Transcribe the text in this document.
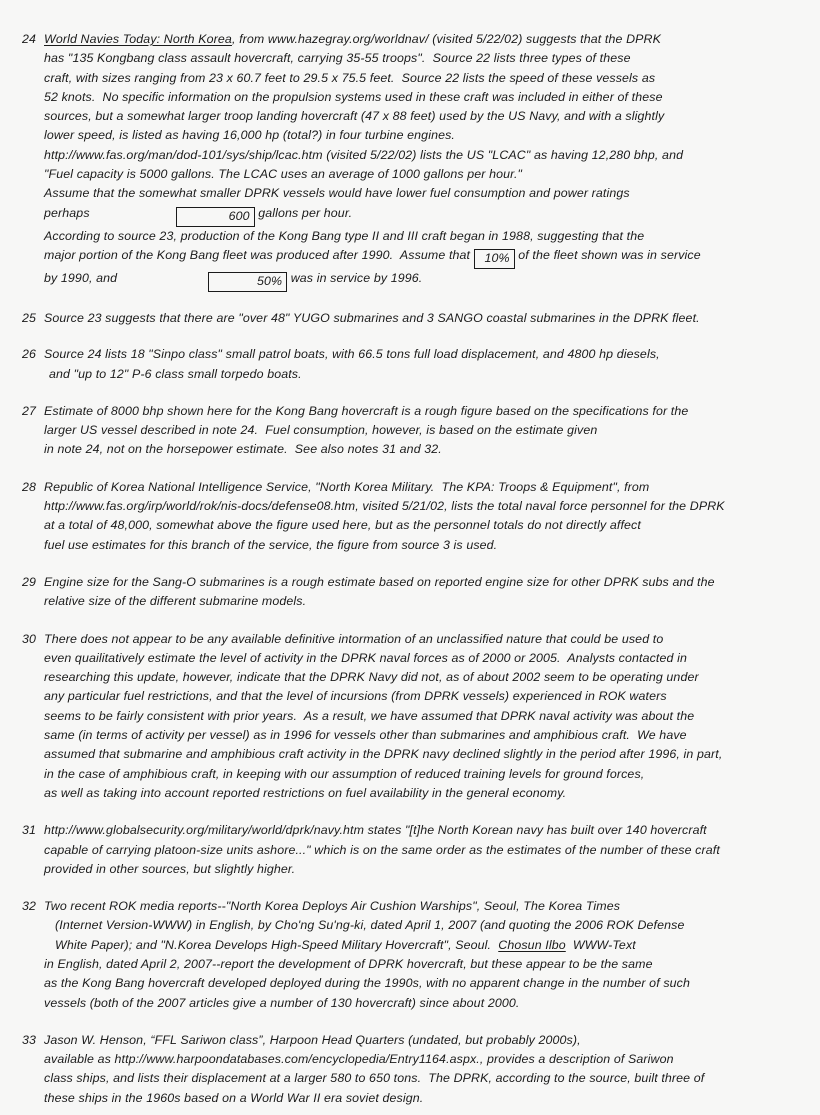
24 World Navies Today: North Korea, from www.hazegray.org/worldnav/ (visited 5/22/02) suggests that the DPRK
has "135 Kongbang class assault hovercraft, carrying 35-55 troops".  Source 22 lists three types of these
craft, with sizes ranging from 23 x 60.7 feet to 29.5 x 75.5 feet.  Source 22 lists the speed of these vessels as
52 knots.  No specific information on the propulsion systems used in these craft was included in either of these
sources, but a somewhat larger troop landing hovercraft (47 x 88 feet) used by the US Navy, and with a slightly
lower speed, is listed as having 16,000 hp (total?) in four turbine engines.
http://www.fas.org/man/dod-101/sys/ship/lcac.htm (visited 5/22/02) lists the US "LCAC" as having 12,280 bhp, and
"Fuel capacity is 5000 gallons. The LCAC uses an average of 1000 gallons per hour."
Assume that the somewhat smaller DPRK vessels would have lower fuel consumption and power ratings
perhaps	600 gallons per hour.
According to source 23, production of the Kong Bang type II and III craft began in 1988, suggesting that the
major portion of the Kong Bang fleet was produced after 1990.  Assume that 10% of the fleet shown was in service
by 1990, and	50% was in service by 1996.
25 Source 23 suggests that there are "over 48" YUGO submarines and 3 SANGO coastal submarines in the DPRK fleet.
26 Source 24 lists 18 "Sinpo class" small patrol boats, with 66.5 tons full load displacement, and 4800 hp diesels,
and "up to 12" P-6 class small torpedo boats.
27 Estimate of 8000 bhp shown here for the Kong Bang hovercraft is a rough figure based on the specifications for the
larger US vessel described in note 24.  Fuel consumption, however, is based on the estimate given
in note 24, not on the horsepower estimate.  See also notes 31 and 32.
28 Republic of Korea National Intelligence Service, "North Korea Military.  The KPA: Troops & Equipment", from
http://www.fas.org/irp/world/rok/nis-docs/defense08.htm, visited 5/21/02, lists the total naval force personnel for the DPRK
at a total of 48,000, somewhat above the figure used here, but as the personnel totals do not directly affect
fuel use estimates for this branch of the service, the figure from source 3 is used.
29 Engine size for the Sang-O submarines is a rough estimate based on reported engine size for other DPRK subs and the
relative size of the different submarine models.
30 There does not appear to be any available definitive intormation of an unclassified nature that could be used to
even quailitatively estimate the level of activity in the DPRK naval forces as of 2000 or 2005.  Analysts contacted in
researching this update, however, indicate that the DPRK Navy did not, as of about 2002 seem to be operating under
any particular fuel restrictions, and that the level of incursions (from DPRK vessels) experienced in ROK waters
seems to be fairly consistent with prior years.  As a result, we have assumed that DPRK naval activity was about the
same (in terms of activity per vessel) as in 1996 for vessels other than submarines and amphibious craft.  We have
assumed that submarine and amphibious craft activity in the DPRK navy declined slightly in the period after 1996, in part,
in the case of amphibious craft, in keeping with our assumption of reduced training levels for ground forces,
as well as taking into account reported restrictions on fuel availability in the general economy.
31 http://www.globalsecurity.org/military/world/dprk/navy.htm states "[t]he North Korean navy has built over 140 hovercraft
capable of carrying platoon-size units ashore..." which is on the same order as the estimates of the number of these craft
provided in other sources, but slightly higher.
32 Two recent ROK media reports--"North Korea Deploys Air Cushion Warships", Seoul, The Korea Times
(Internet Version-WWW) in English, by Cho'ng Su'ng-ki, dated April 1, 2007 (and quoting the 2006 ROK Defense
White Paper); and "N.Korea Develops High-Speed Military Hovercraft", Seoul.  Chosun Ilbo  WWW-Text
in English, dated April 2, 2007--report the development of DPRK hovercraft, but these appear to be the same
as the Kong Bang hovercraft developed deployed during the 1990s, with no apparent change in the number of such
vessels (both of the 2007 articles give a number of 130 hovercraft) since about 2000.
33 Jason W. Henson, “FFL Sariwon class”, Harpoon Head Quarters (undated, but probably 2000s),
available as http://www.harpoondatabases.com/encyclopedia/Entry1164.aspx., provides a description of Sariwon
class ships, and lists their displacement at a larger 580 to 650 tons.  The DPRK, according to the source, built three of
these ships in the 1960s based on a World War II era soviet design.
